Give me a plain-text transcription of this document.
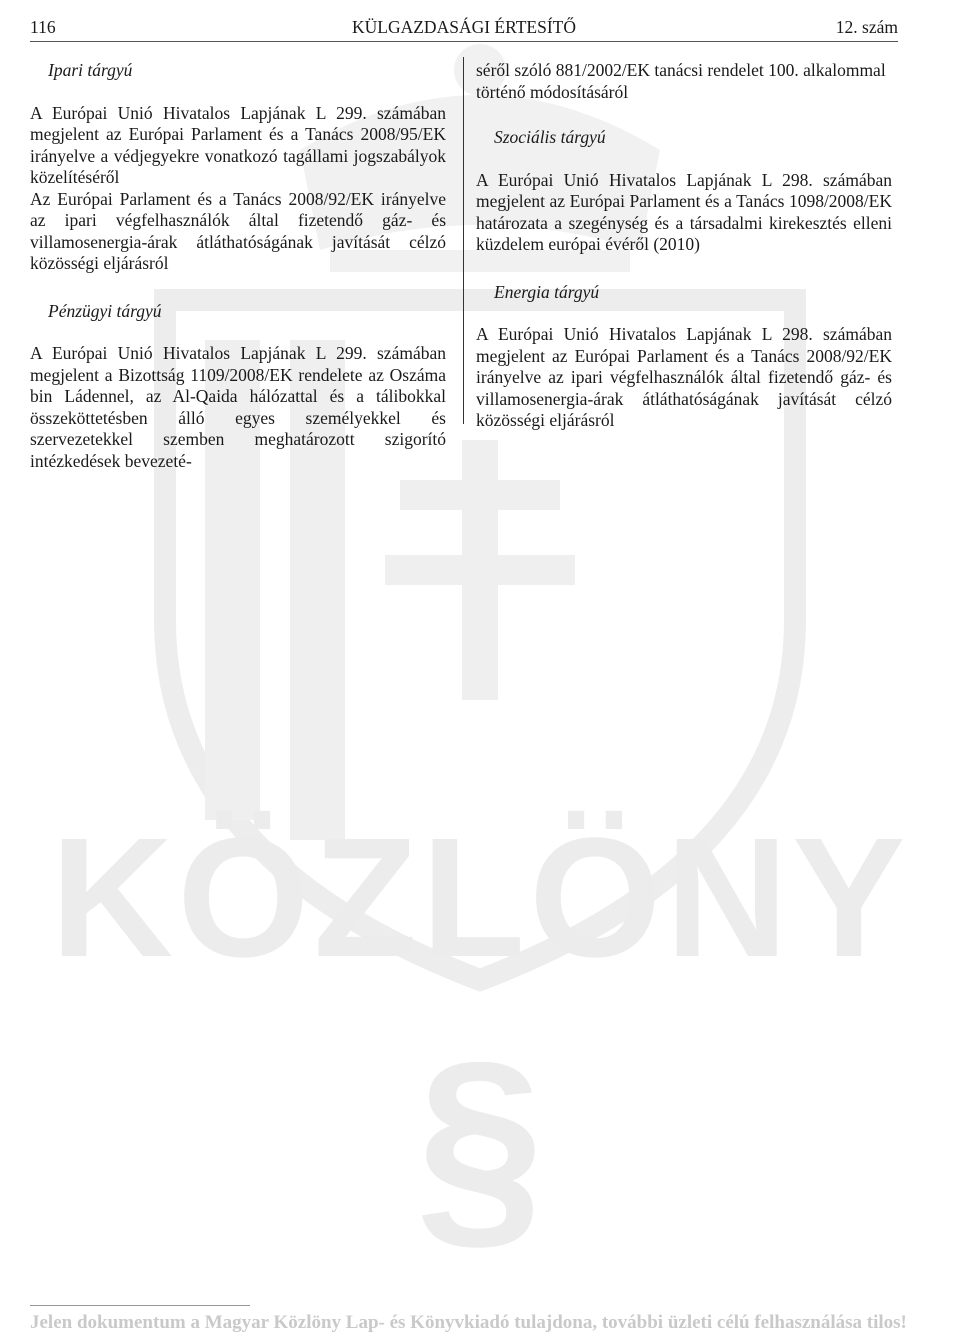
KÖZLÖNY
§
116	KÜLGAZDASÁGI ÉRTESÍTŐ	12. szám

Ipari tárgyú

A Európai Unió Hivatalos Lapjának L 299. számában megjelent az Európai Parlament és a Tanács 2008/95/EK irányelve a védjegyekre vonatkozó tagállami jogszabályok közelítéséről

Az Európai Parlament és a Tanács 2008/92/EK irányelve az ipari végfelhasználók által fizetendő gáz- és villamosenergia-árak átláthatóságának javítását célzó közösségi eljárásról

Pénzügyi tárgyú

A Európai Unió Hivatalos Lapjának L 299. számában megjelent a Bizottság 1109/2008/EK rendelete az Oszáma bin Ládennel, az Al-Qaida hálózattal és a tálibokkal összeköttetésben álló egyes személyekkel és szervezetekkel szemben meghatározott szigorító intézkedések bevezeté-

séről szóló 881/2002/EK tanácsi rendelet 100. alkalommal történő módosításáról

Szociális tárgyú

A Európai Unió Hivatalos Lapjának L 298. számában megjelent az Európai Parlament és a Tanács 1098/2008/EK határozata a szegénység és a társadalmi kirekesztés elleni küzdelem európai évéről (2010)

Energia tárgyú

A Európai Unió Hivatalos Lapjának L 298. számában megjelent az Európai Parlament és a Tanács 2008/92/EK irányelve az ipari végfelhasználók által fizetendő gáz- és villamosenergia-árak átláthatóságának javítását célzó közösségi eljárásról

Jelen dokumentum a Magyar Közlöny Lap- és Könyvkiadó tulajdona, további üzleti célú felhasználása tilos!
